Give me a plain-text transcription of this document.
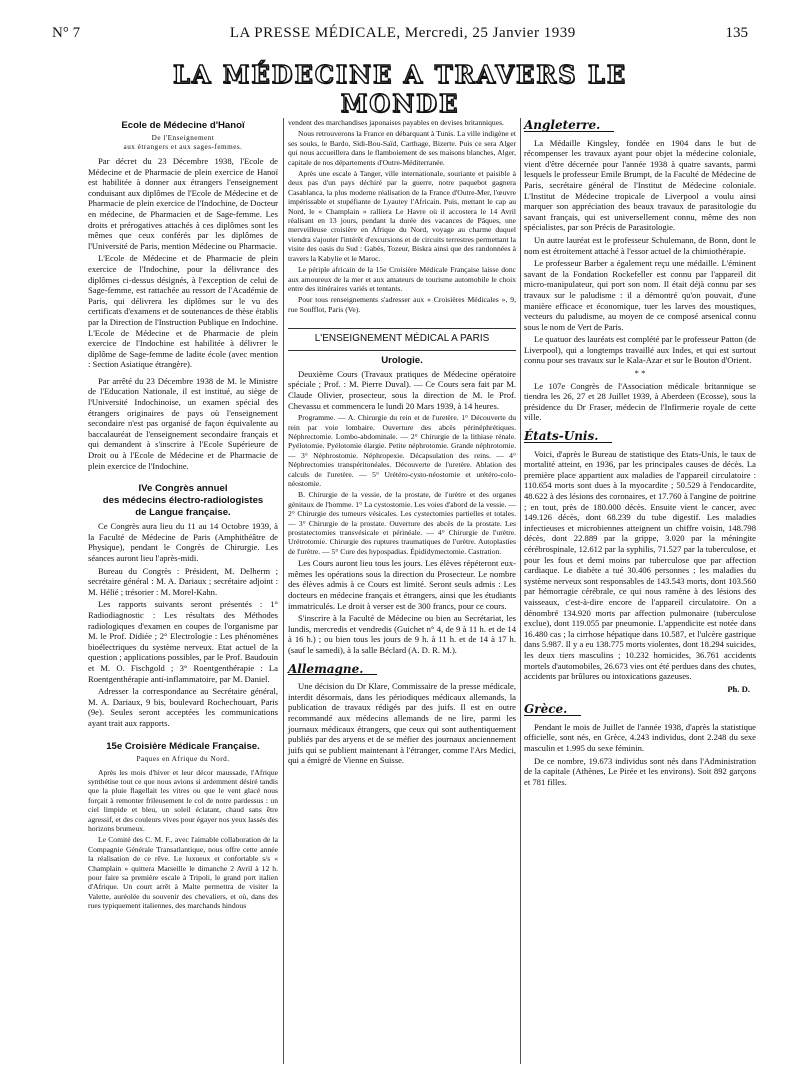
N° 7	LA PRESSE MÉDICALE, Mercredi, 25 Janvier 1939	135
LA MÉDECINE A TRAVERS LE MONDE
Ecole de Médecine d'Hanoï
De l'Enseignement
aux étrangers et aux sages-femmes.

Par décret du 23 Décembre 1938, l'Ecole de Médecine et de Pharmacie de plein exercice de Hanoï est habilitée à donner aux étrangers l'enseignement conduisant aux diplômes de l'Ecole de Médecine et de Pharmacie de plein exercice de l'Indochine, de Docteur en médecine, de Pharmacien et de Sage-femme. Les droits et prérogatives attachés à ces diplômes sont les mêmes que ceux conférés par les diplômes de l'Université de Paris, mention Médecine ou Pharmacie.

L'Ecole de Médecine et de Pharmacie de plein exercice de l'Indochine, pour la délivrance des diplômes ci-dessus désignés, à l'exception de celui de Sage-femme, est rattachée au ressort de l'Académie de Paris, qui délivrera les diplômes sur le vu des certificats d'examens et de soutenances de thèse établis par la Direction de l'Instruction Publique en Indochine. L'Ecole de Médecine et de Pharmacie de plein exercice de l'Indochine est habilitée à délivrer le diplôme de Sage-femme de ladite école (avec mention : Section Asiatique étrangère).

Par arrêté du 23 Décembre 1938 de M. le Ministre de l'Education Nationale, il est institué, au siège de l'Université Indochinoise, un examen spécial des étrangers originaires de pays où l'enseignement secondaire n'est pas organisé de façon équivalente au baccalauréat de l'enseignement secondaire français et qui demandent à s'inscrire à l'Ecole Supérieure de Droit ou à l'Ecole de Médecine et de Pharmacie de plein exercice de l'Indochine.

IVe Congrès annuel
des médecins électro-radiologistes
de Langue française.

Ce Congrès aura lieu du 11 au 14 Octobre 1939, à la Faculté de Médecine de Paris (Amphithéâtre de Physique), pendant le Congrès de Chirurgie. Les séances auront lieu l'après-midi.

Bureau du Congrès : Président, M. Delherm ; secrétaire général : M. A. Dariaux ; secrétaire adjoint : M. Hélié ; trésorier : M. Morel-Kahn.

Les rapports suivants seront présentés : 1° Radiodiagnostic : Les résultats des Méthodes radiologiques d'examen en coupes de l'organisme par M. le Prof. Didiée ; 2° Electrologie : Les phénomènes bioélectriques du système nerveux. Etat actuel de la question ; applications possibles, par le Prof. Baudouin et M. O. Fischgold ; 3° Roentgenthérapie : La Roentgenthérapie anti-inflammatoire, par M. Daniel.

Adresser la correspondance au Secrétaire général, M. A. Dariaux, 9 bis, boulevard Rochechouart, Paris (9e). Seules seront acceptées les communications ayant trait aux rapports.

15e Croisière Médicale Française.
Paques en Afrique du Nord.

Après les mois d'hiver et leur décor maussade, l'Afrique synthétise tout ce que nous avions si ardemment désiré tandis que la pluie flagellait les vitres ou que le vent glacé nous forçait à remonter frileusement le col de notre pardessus : un ciel limpide et bleu, un soleil éclatant, chaud sans être agressif, et des couleurs vives pour égayer nos yeux lassés des horizons brumeux.

Le Comité des C. M. F., avec l'aimable collaboration de la Compagnie Générale Transatlantique, nous offre cette année la réalisation de ce rêve. Le luxueux et confortable s/s « Champlain » quittera Marseille le dimanche 2 Avril à 12 h. pour faire sa première escale à Tripoli, le grand port italien d'Afrique. Un court arrêt à Malte permettra de visiter la Valette, auréolée du souvenir des chevaliers, et où, dans des rues typiquement italiennes, des marchands hindous

vendent des marchandises japonaises payables en devises britanniques.

Nous retrouverons la France en débarquant à Tunis. La ville indigène et ses souks, le Bardo, Sidi-Bou-Saïd, Carthage, Bizerte. Puis ce sera Alger qui nous accueillera dans le flamboiement de ses maisons blanches, Alger, capitale de nos départements d'Outre-Méditerranée.

Après une escale à Tanger, ville internationale, souriante et paisible à deux pas d'un pays déchiré par la guerre, notre paquebot gagnera Casablanca, la plus moderne réalisation de la France d'Outre-Mer, l'œuvre impérissable et stupéfiante de Lyautey l'Africain. Puis, mettant le cap au Nord, le « Champlain » ralliera Le Havre où il accostera le 14 Avril réalisant en 13 jours, pendant la durée des vacances de Pâques, une merveilleuse croisière en Afrique du Nord, voyage au charme duquel viendra s'ajouter l'intérêt d'excursions et de circuits terrestres permettant la visite des oasis du Sud : Gabès, Tozeur, Biskra ainsi que des randonnées à travers la Kabylie et le Maroc.

Le périple africain de la 15e Croisière Médicale Française laisse donc aux amoureux de la mer et aux amateurs de tourisme automobile le choix entre des itinéraires variés et tentants.

Pour tous renseignements s'adresser aux « Croisières Médicales », 9, rue Soufflot, Paris (Ve).

L'ENSEIGNEMENT MÉDICAL A PARIS
Urologie.

Deuxième Cours (Travaux pratiques de Médecine opératoire spéciale ; Prof. : M. Pierre Duval). — Ce Cours sera fait par M. Claude Olivier, prosecteur, sous la direction de M. le Prof. Chevassu et commencera le lundi 20 Mars 1939, à 14 heures.

Programme. — A. Chirurgie du rein et de l'uretère. 1° Découverte du rein par voie lombaire. Ouverture des abcès périnéphrétiques. Néphrectomie. Lombo-abdominale. — 2° Chirurgie de la lithiase rénale. Pyélotomie. Pyélotomie élargie. Petite néphrotomie. Grande néphrotomie. — 3° Néphrostomie. Néphropexie. Décapsulation des reins. — 4° Néphrectomies transpéritonéales. Découverte de l'uretère. Ablation des calculs de l'uretère. — 5° Urétéro-cysto-néostomie et urétéro-colo-néostomie.

B. Chirurgie de la vessie, de la prostate, de l'urètre et des organes génitaux de l'homme. 1° La cystostomie. Les voies d'abord de la vessie. — 2° Chirurgie des tumeurs vésicales. Les cystectomies partielles et totales. — 3° Chirurgie de la prostate. Ouverture des abcès de la prostate. Les prostatectomies transvésicale et périnéale. — 4° Chirurgie de l'urètre. Urétrotomie. Chirurgie des ruptures traumatiques de l'urètre. Autoplasties de l'urètre. — 5° Cure des hypospadias. Épididymectomie. Castration.

Les Cours auront lieu tous les jours. Les élèves répéteront eux-mêmes les opérations sous la direction du Prosecteur. Le nombre des élèves admis à ce Cours est limité. Seront seuls admis : Les docteurs en médecine français et étrangers, ainsi que les étudiants immatriculés. Le droit à verser est de 300 francs, pour ce cours.

S'inscrire à la Faculté de Médecine ou bien au Secrétariat, les lundis, mercredis et vendredis (Guichet n° 4, de 9 à 11 h. et de 14 à 16 h.) ; ou bien tous les jours de 9 h. à 11 h. et de 14 à 17 h. (sauf le samedi), à la salle Béclard (A. D. R. M.).

Allemagne.

Une décision du Dr Klare, Commissaire de la presse médicale, interdit désormais, dans les périodiques médicaux allemands, la publication de travaux rédigés par des juifs. Il est en outre recommandé aux médecins allemands de ne lire, parmi les journaux médicaux étrangers, que ceux qui sont authentiquement publiés par des aryens et de se méfier des journaux anciennement juifs qui se publient maintenant à l'étranger, comme l'Ars Medici, qui a émigré de Vienne en Suisse.

Angleterre.

La Médaille Kingsley, fondée en 1904 dans le but de récompenser les travaux ayant pour objet la médecine coloniale, vient d'être décernée pour l'année 1938 à quatre savants, parmi lesquels le professeur Emile Brumpt, de la Faculté de Médecine de Paris, secrétaire général de l'Institut de Médecine coloniale. L'Institut de Médecine tropicale de Liverpool a voulu ainsi marquer son appréciation des beaux travaux de parasitologie du savant français, qui est universellement connu, même des non spécialistes, par son Précis de Parasitologie.

Un autre lauréat est le professeur Schulemann, de Bonn, dont le nom est étroitement attaché à l'essor actuel de la chimiothérapie.

Le professeur Barber a également reçu une médaille. L'éminent savant de la Fondation Rockefeller est connu par l'appareil dit micro-manipulateur, qui port son nom. Il était déjà connu par ses travaux sur le paludisme : il a démontré qu'on pouvait, d'une manière efficace et économique, tuer les larves des moustiques, vecteurs du paludisme, au moyen de ce composé arsenical connu sous le nom de Vert de Paris.

Le quatuor des lauréats est complété par le professeur Patton (de Liverpool), qui a longtemps travaillé aux Indes, et qui est surtout connu pour ses travaux sur le Kala-Azar et sur le Bouton d'Orient.

* *

Le 107e Congrès de l'Association médicale britannique se tiendra les 26, 27 et 28 Juillet 1939, à Aberdeen (Ecosse), sous la présidence du Dr Fraser, médecin de l'Infirmerie royale de cette ville.

États-Unis.

Voici, d'après le Bureau de statistique des Etats-Unis, le taux de mortalité atteint, en 1936, par les principales causes de décès. La première place appartient aux maladies de l'appareil circulatoire : 110.654 morts sont dues à la myocardite ; 50.529 à l'endocardite, 48.622 à des lésions des coronaires, et 17.760 à l'angine de poitrine ; en tout, près de 180.000 décès. Ensuite vient le cancer, avec 149.126 décès, dont 68.239 du tube digestif. Les maladies infectieuses et microbiennes atteignent un chiffre voisin, 148.798 décès, dont 22.889 par la grippe, 3.020 par la méningite cérébrospinale, 12.612 par la syphilis, 71.527 par la tuberculose, et pour les fous et demi moins par tuberculose que par affection cardiaque. Le diabète a tué 30.406 personnes ; les maladies du système nerveux sont responsables de 143.543 morts, dont 103.560 par hémorragie cérébrale, ce qui nous ramène à des lésions des vaisseaux, c'est-à-dire encore de l'appareil circulatoire. On a dénombré 134.920 morts par affection pulmonaire (tuberculose exclue), dont 119.055 par pneumonie. L'appendicite est notée dans 16.480 cas ; la cirrhose hépatique dans 10.587, et l'ulcère gastrique dans 5.987. Il y a eu 138.775 morts violentes, dont 18.294 suicides, les deux tiers masculins ; 10.232 homicides, 36.761 accidents mortels d'automobiles, 26.673 vies ont été perdues dans des chutes, accidents par brûlures ou intoxications gazeuses.

Ph. D.
Grèce.

Pendant le mois de Juillet de l'année 1938, d'après la statistique officielle, sont nés, en Grèce, 4.243 individus, dont 2.248 du sexe masculin et 1.995 du sexe féminin.

De ce nombre, 19.673 individus sont nés dans l'Administration de la capitale (Athènes, Le Pirée et les environs). Soit 892 garçons et 781 filles.
